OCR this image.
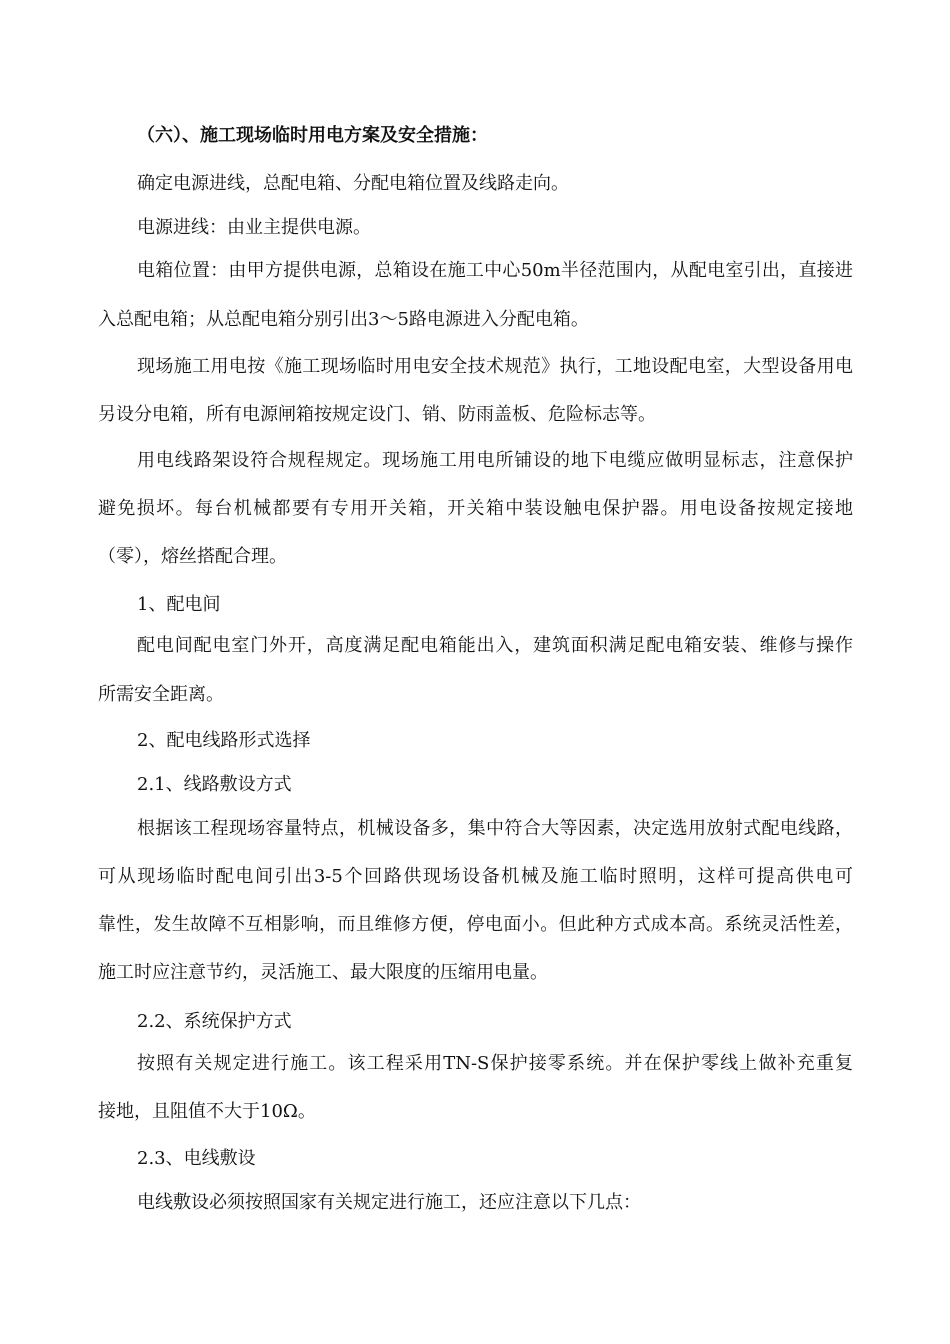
（六）、施工现场临时用电方案及安全措施：
确定电源进线，总配电箱、分配电箱位置及线路走向。
电源进线：由业主提供电源。
电箱位置：由甲方提供电源，总箱设在施工中心50m半径范围内，从配电室引出，直接进
入总配电箱；从总配电箱分别引出3～5路电源进入分配电箱。
现场施工用电按《施工现场临时用电安全技术规范》执行，工地设配电室，大型设备用电
另设分电箱，所有电源闸箱按规定设门、销、防雨盖板、危险标志等。
用电线路架设符合规程规定。现场施工用电所铺设的地下电缆应做明显标志，注意保护
避免损坏。每台机械都要有专用开关箱，开关箱中装设触电保护器。用电设备按规定接地
（零），熔丝搭配合理。
1、配电间
配电间配电室门外开，高度满足配电箱能出入，建筑面积满足配电箱安装、维修与操作
所需安全距离。
2、配电线路形式选择
2.1、线路敷设方式
根据该工程现场容量特点，机械设备多，集中符合大等因素，决定选用放射式配电线路，
可从现场临时配电间引出3-5个回路供现场设备机械及施工临时照明，这样可提高供电可
靠性，发生故障不互相影响，而且维修方便，停电面小。但此种方式成本高。系统灵活性差，
施工时应注意节约，灵活施工、最大限度的压缩用电量。
2.2、系统保护方式
按照有关规定进行施工。该工程采用TN-S保护接零系统。并在保护零线上做补充重复
接地，且阻值不大于10Ω。
2.3、电线敷设
电线敷设必须按照国家有关规定进行施工，还应注意以下几点：
